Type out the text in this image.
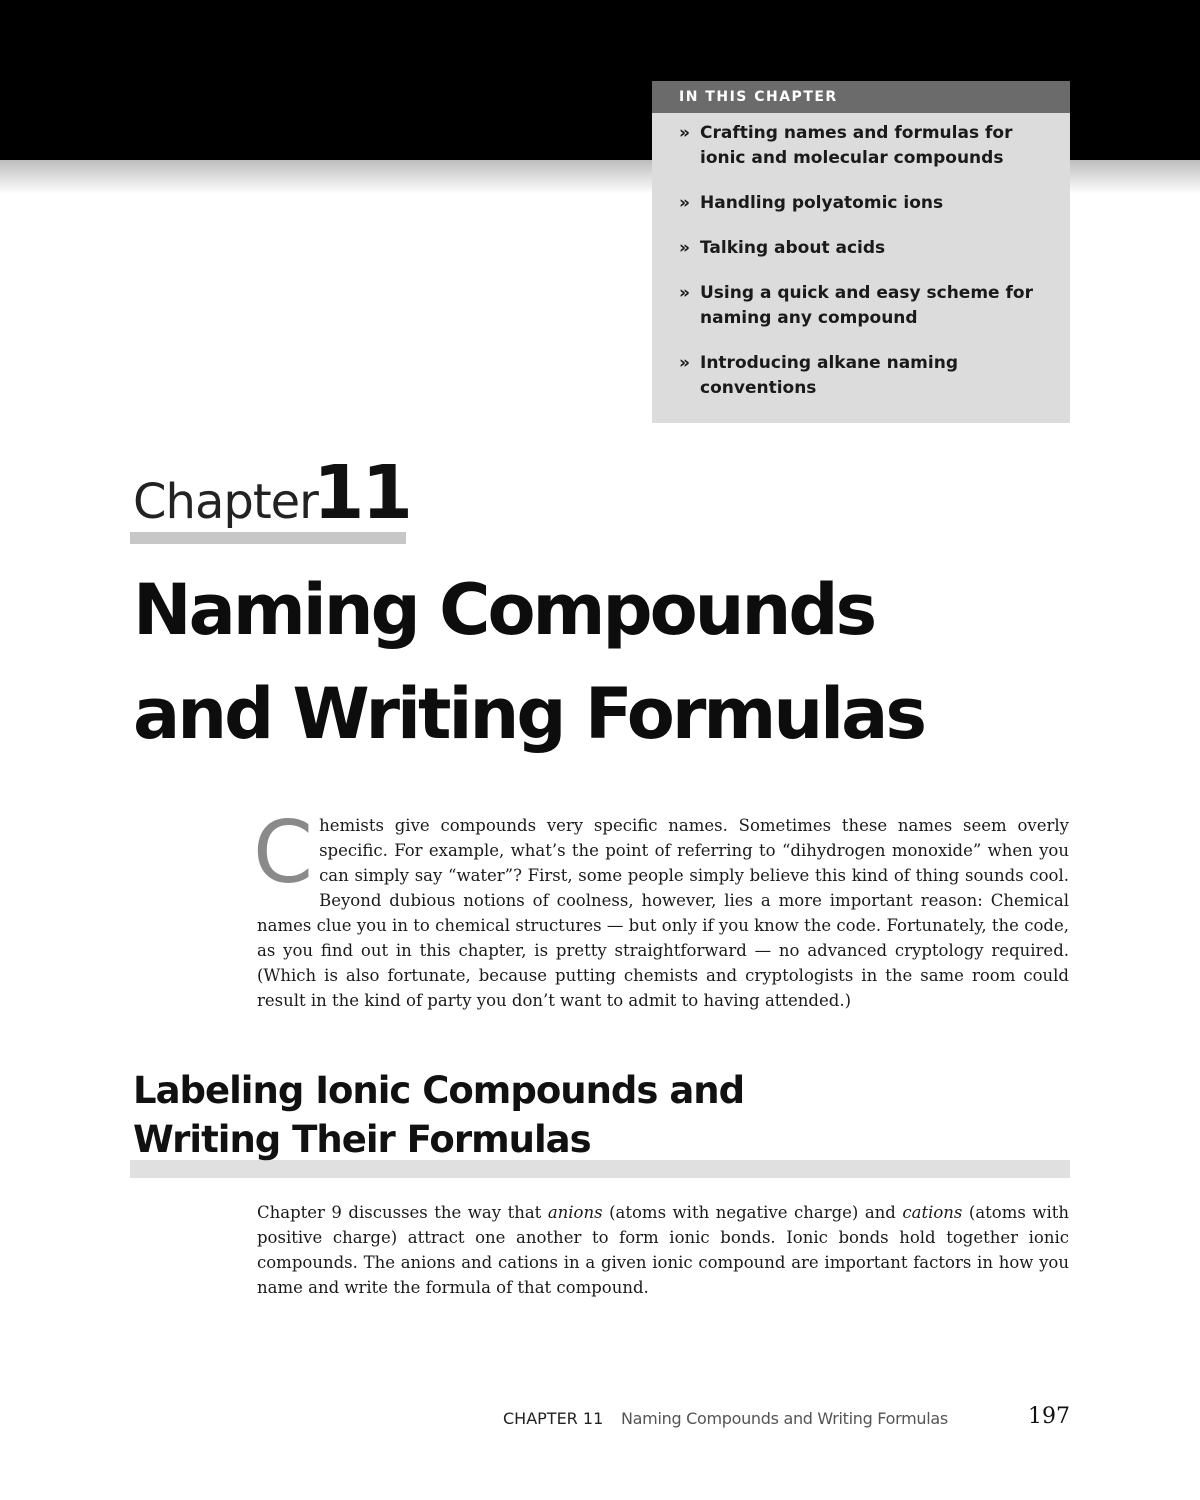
IN THIS CHAPTER
» Crafting names and formulas for ionic and molecular compounds
» Handling polyatomic ions
» Talking about acids
» Using a quick and easy scheme for naming any compound
» Introducing alkane naming conventions
Chapter
11
Naming Compounds
and Writing Formulas

Chemists give compounds very specific names. Sometimes these names seem overly specific. For example, what’s the point of referring to “dihydrogen monoxide” when you can simply say “water”? First, some people simply believe this kind of thing sounds cool. Beyond dubious notions of coolness, however, lies a more important reason: Chemical names clue you in to chemical structures — but only if you know the code. Fortunately, the code, as you find out in this chapter, is pretty straightforward — no advanced cryptology required. (Which is also fortunate, because putting chemists and cryptologists in the same room could result in the kind of party you don’t want to admit to having attended.)

Labeling Ionic Compounds and
Writing Their Formulas

Chapter 9 discusses the way that anions (atoms with negative charge) and cations (atoms with positive charge) attract one another to form ionic bonds. Ionic bonds hold together ionic compounds. The anions and cations in a given ionic compound are important factors in how you name and write the formula of that compound.

CHAPTER 11 Naming Compounds and Writing Formulas	197
